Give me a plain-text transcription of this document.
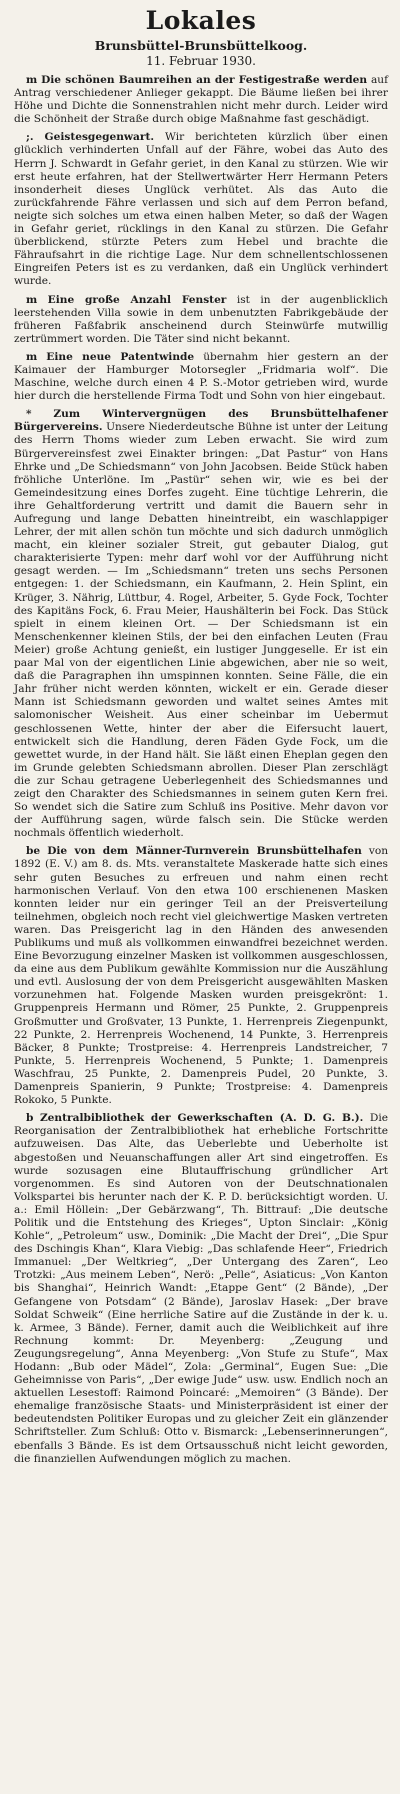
Lokales
Brunsbüttel-Brunsbüttelkoog.
11. Februar 1930.

m Die schönen Baumreihen an der Festigestraße werden auf Antrag verschiedener Anlieger gekappt. Die Bäume ließen bei ihrer Höhe und Dichte die Sonnenstrahlen nicht mehr durch. Leider wird die Schönheit der Straße durch obige Maßnahme fast geschädigt.

;. Geistesgegenwart. Wir berichteten kürzlich über einen glücklich verhinderten Unfall auf der Fähre, wobei das Auto des Herrn J. Schwardt in Gefahr geriet, in den Kanal zu stürzen. Wie wir erst heute erfahren, hat der Stellwertwärter Herr Hermann Peters insonderheit dieses Unglück verhütet. Als das Auto die zurückfahrende Fähre verlassen und sich auf dem Perron befand, neigte sich solches um etwa einen halben Meter, so daß der Wagen in Gefahr geriet, rücklings in den Kanal zu stürzen. Die Gefahr überblickend, stürzte Peters zum Hebel und brachte die Fähraufsahrt in die richtige Lage. Nur dem schnellentschlossenen Eingreifen Peters ist es zu verdanken, daß ein Unglück verhindert wurde.

m Eine große Anzahl Fenster ist in der augenblicklich leerstehenden Villa sowie in dem unbenutzten Fabrikgebäude der früheren Faßfabrik anscheinend durch Steinwürfe mutwillig zertrümmert worden. Die Täter sind nicht bekannt.

m Eine neue Patentwinde übernahm hier gestern an der Kaimauer der Hamburger Motorsegler „Fridmaria wolf“. Die Maschine, welche durch einen 4 P. S.-Motor getrieben wird, wurde hier durch die herstellende Firma Todt und Sohn von hier eingebaut.

* Zum Wintervergnügen des Brunsbüttelhafener Bürgervereins. Unsere Niederdeutsche Bühne ist unter der Leitung des Herrn Thoms wieder zum Leben erwacht. Sie wird zum Bürgervereinsfest zwei Einakter bringen: „Dat Pastur“ von Hans Ehrke und „De Schiedsmann“ von John Jacobsen. Beide Stück haben fröhliche Unterlöne. Im „Pastür“ sehen wir, wie es bei der Gemeindesitzung eines Dorfes zugeht. Eine tüchtige Lehrerin, die ihre Gehaltforderung vertritt und damit die Bauern sehr in Aufregung und lange Debatten hineintreibt, ein waschlappiger Lehrer, der mit allen schön tun möchte und sich dadurch unmöglich macht, ein kleiner sozialer Streit, gut gebauter Dialog, gut charakterisierte Typen: mehr darf wohl vor der Aufführung nicht gesagt werden. — Im „Schiedsmann“ treten uns sechs Personen entgegen: 1. der Schiedsmann, ein Kaufmann, 2. Hein Splint, ein Krüger, 3. Nährig, Lüttbur, 4. Rogel, Arbeiter, 5. Gyde Fock, Tochter des Kapitäns Fock, 6. Frau Meier, Haushälterin bei Fock. Das Stück spielt in einem kleinen Ort. — Der Schiedsmann ist ein Menschenkenner kleinen Stils, der bei den einfachen Leuten (Frau Meier) große Achtung genießt, ein lustiger Junggeselle. Er ist ein paar Mal von der eigentlichen Linie abgewichen, aber nie so weit, daß die Paragraphen ihn umspinnen konnten. Seine Fälle, die ein Jahr früher nicht werden könnten, wickelt er ein. Gerade dieser Mann ist Schiedsmann geworden und waltet seines Amtes mit salomonischer Weisheit. Aus einer scheinbar im Uebermut geschlossenen Wette, hinter der aber die Eifersucht lauert, entwickelt sich die Handlung, deren Fäden Gyde Fock, um die gewettet wurde, in der Hand hält. Sie läßt einen Eheplan gegen den im Grunde gelebten Schiedsmann abrollen. Dieser Plan zerschlägt die zur Schau getragene Ueberlegenheit des Schiedsmannes und zeigt den Charakter des Schiedsmannes in seinem guten Kern frei. So wendet sich die Satire zum Schluß ins Positive. Mehr davon vor der Aufführung sagen, würde falsch sein. Die Stücke werden nochmals öffentlich wiederholt.

be Die von dem Männer-Turnverein Brunsbüttelhafen von 1892 (E. V.) am 8. ds. Mts. veranstaltete Maskerade hatte sich eines sehr guten Besuches zu erfreuen und nahm einen recht harmonischen Verlauf. Von den etwa 100 erschienenen Masken konnten leider nur ein geringer Teil an der Preisverteilung teilnehmen, obgleich noch recht viel gleichwertige Masken vertreten waren. Das Preisgericht lag in den Händen des anwesenden Publikums und muß als vollkommen einwandfrei bezeichnet werden. Eine Bevorzugung einzelner Masken ist vollkommen ausgeschlossen, da eine aus dem Publikum gewählte Kommission nur die Auszählung und evtl. Auslosung der von dem Preisgericht ausgewählten Masken vorzunehmen hat. Folgende Masken wurden preisgekrönt: 1. Gruppenpreis Hermann und Römer, 25 Punkte, 2. Gruppenpreis Großmutter und Großvater, 13 Punkte, 1. Herrenpreis Ziegenpunkt, 22 Punkte, 2. Herrenpreis Wochenend, 14 Punkte, 3. Herrenpreis Bäcker, 8 Punkte; Trostpreise: 4. Herrenpreis Landstreicher, 7 Punkte, 5. Herrenpreis Wochenend, 5 Punkte; 1. Damenpreis Waschfrau, 25 Punkte, 2. Damenpreis Pudel, 20 Punkte, 3. Damenpreis Spanierin, 9 Punkte; Trostpreise: 4. Damenpreis Rokoko, 5 Punkte.

b Zentralbibliothek der Gewerkschaften (A. D. G. B.). Die Reorganisation der Zentralbibliothek hat erhebliche Fortschritte aufzuweisen. Das Alte, das Ueberlebte und Ueberholte ist abgestoßen und Neuanschaffungen aller Art sind eingetroffen. Es wurde sozusagen eine Blutauffrischung gründlicher Art vorgenommen. Es sind Autoren von der Deutschnationalen Volkspartei bis herunter nach der K. P. D. berücksichtigt worden. U. a.: Emil Höllein: „Der Gebärzwang“, Th. Bittrauf: „Die deutsche Politik und die Entstehung des Krieges“, Upton Sinclair: „König Kohle“, „Petroleum“ usw., Dominik: „Die Macht der Drei“, „Die Spur des Dschingis Khan“, Klara Viebig: „Das schlafende Heer“, Friedrich Immanuel: „Der Weltkrieg“, „Der Untergang des Zaren“, Leo Trotzki: „Aus meinem Leben“, Nerö: „Pelle“, Asiaticus: „Von Kanton bis Shanghai“, Heinrich Wandt: „Etappe Gent“ (2 Bände), „Der Gefangene von Potsdam“ (2 Bände), Jaroslav Hasek: „Der brave Soldat Schweik“ (Eine herrliche Satire auf die Zustände in der k. u. k. Armee, 3 Bände). Ferner, damit auch die Weiblichkeit auf ihre Rechnung kommt: Dr. Meyenberg: „Zeugung und Zeugungsregelung“, Anna Meyenberg: „Von Stufe zu Stufe“, Max Hodann: „Bub oder Mädel“, Zola: „Germinal“, Eugen Sue: „Die Geheimnisse von Paris“, „Der ewige Jude“ usw. usw. Endlich noch an aktuellen Lesestoff: Raimond Poincaré: „Memoiren“ (3 Bände). Der ehemalige französische Staats- und Ministerpräsident ist einer der bedeutendsten Politiker Europas und zu gleicher Zeit ein glänzender Schriftsteller. Zum Schluß: Otto v. Bismarck: „Lebenserinnerungen“, ebenfalls 3 Bände. Es ist dem Ortsausschuß nicht leicht geworden, die finanziellen Aufwendungen möglich zu machen.
